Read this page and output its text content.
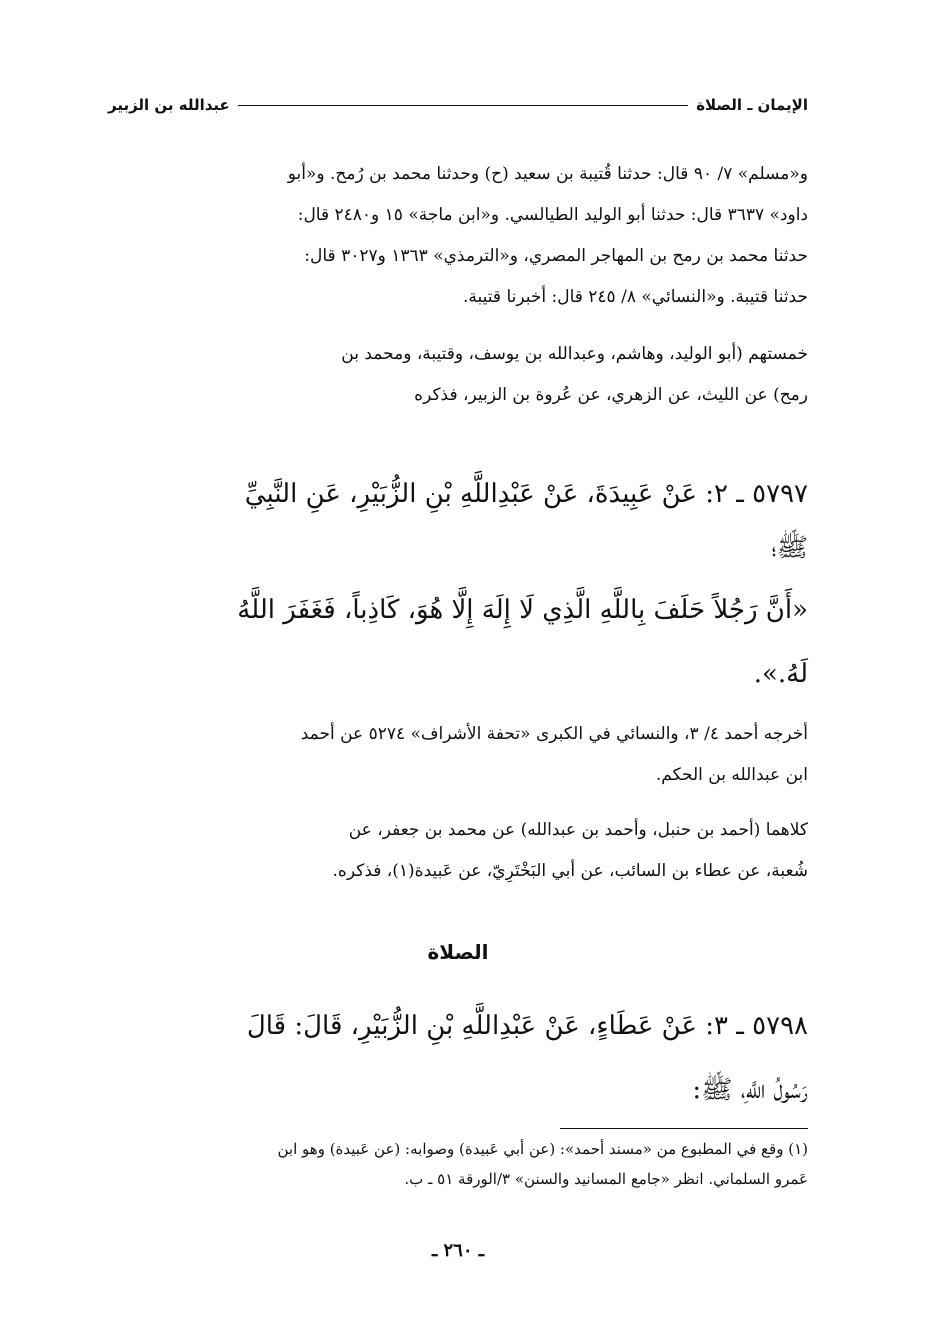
الإيمان ـ الصلاة
عبدالله بن الزبير
و«مسلم» ٧/ ٩٠ قال: حدثنا قُتيبة بن سعيد (ح) وحدثنا محمد بن رُمح. و«أبو
داود» ٣٦٣٧ قال: حدثنا أبو الوليد الطيالسي. و«ابن ماجة» ١٥ و٢٤٨٠ قال:
حدثنا محمد بن رمح بن المهاجر المصري، و«الترمذي» ١٣٦٣ و٣٠٢٧ قال:
حدثنا قتيبة. و«النسائي» ٨/ ٢٤٥ قال: أخبرنا قتيبة.
خمستهم (أبو الوليد، وهاشم، وعبدالله بن يوسف، وقتيبة، ومحمد بن
رمح) عن الليث، عن الزهري، عن عُروة بن الزبير، فذكره
٥٧٩٧ ـ ٢: عَنْ عَبِيدَةَ، عَنْ عَبْدِاللَّهِ بْنِ الزُّبَيْرِ، عَنِ النَّبِيِّ
ﷺ؛
«أَنَّ رَجُلاً حَلَفَ بِاللَّهِ الَّذِي لَا إِلَهَ إِلَّا هُوَ، كَاذِباً، فَغَفَرَ اللَّهُ
لَهُ.».
أخرجه أحمد ٤/ ٣، والنسائي في الكبرى «تحفة الأشراف» ٥٢٧٤ عن أحمد
ابن عبدالله بن الحكم.
كلاهما (أحمد بن حنبل، وأحمد بن عبدالله) عن محمد بن جعفر، عن
شُعبة، عن عطاء بن السائب، عن أبي البَخْتَرِيّ، عن عَبيدة(١)، فذكره.
الصلاة
٥٧٩٨ ـ ٣: عَنْ عَطَاءٍ، عَنْ عَبْدِاللَّهِ بْنِ الزُّبَيْرِ، قَالَ: قَالَ
رَسُولُ اللَّهِ، ﷺ:
(١) وقع في المطبوع من «مسند أحمد»: (عن أبي عَبيدة) وصوابه: (عن عَبيدة) وهو ابن
عَمرو السلماني. انظر «جامع المسانيد والسنن» ٣/الورقة ٥١ ـ ب.
ـ ٢٦٠ ـ
